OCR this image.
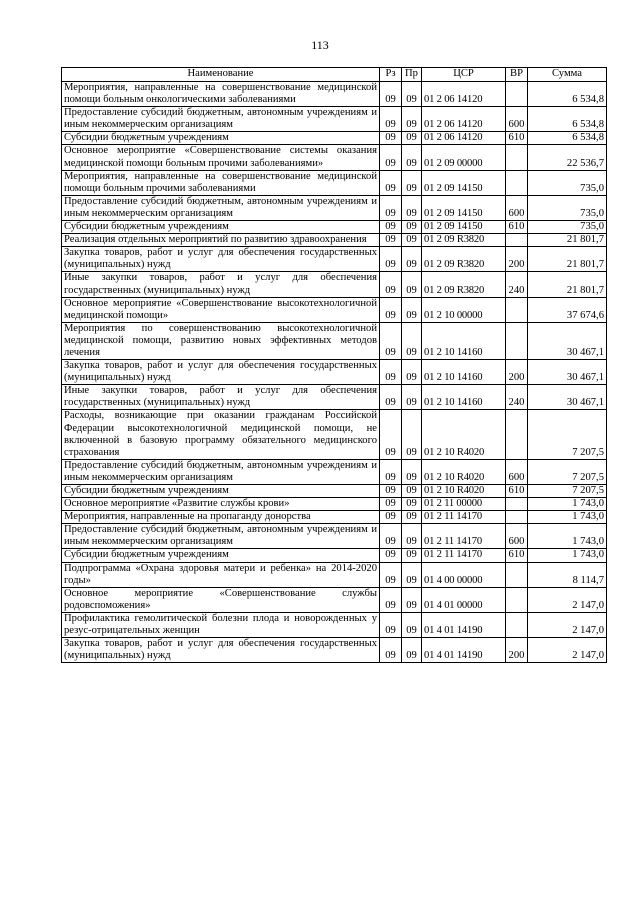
113
Наименование	Рз	Пр	ЦСР	ВР	Сумма
Мероприятия, направленные на совершенствование медицинской помощи больным онкологическими заболеваниями	09	09	01 2 06 14120		6 534,8
Предоставление субсидий бюджетным, автономным учреждениям и иным некоммерческим организациям	09	09	01 2 06 14120	600	6 534,8
Субсидии бюджетным учреждениям	09	09	01 2 06 14120	610	6 534,8
Основное мероприятие «Совершенствование системы оказания медицинской помощи больным прочими заболеваниями»	09	09	01 2 09 00000		22 536,7
Мероприятия, направленные на совершенствование медицинской помощи больным прочими заболеваниями	09	09	01 2 09 14150		735,0
Предоставление субсидий бюджетным, автономным учреждениям и иным некоммерческим организациям	09	09	01 2 09 14150	600	735,0
Субсидии бюджетным учреждениям	09	09	01 2 09 14150	610	735,0
Реализация отдельных мероприятий по развитию здравоохранения	09	09	01 2 09 R3820		21 801,7
Закупка товаров, работ и услуг для обеспечения государственных (муниципальных) нужд	09	09	01 2 09 R3820	200	21 801,7
Иные закупки товаров, работ и услуг для обеспечения государственных (муниципальных) нужд	09	09	01 2 09 R3820	240	21 801,7
Основное мероприятие «Совершенствование высокотехнологичной медицинской помощи»	09	09	01 2 10 00000		37 674,6
Мероприятия по совершенствованию высокотехнологичной медицинской помощи, развитию новых эффективных методов лечения	09	09	01 2 10 14160		30 467,1
Закупка товаров, работ и услуг для обеспечения государственных (муниципальных) нужд	09	09	01 2 10 14160	200	30 467,1
Иные закупки товаров, работ и услуг для обеспечения государственных (муниципальных) нужд	09	09	01 2 10 14160	240	30 467,1
Расходы, возникающие при оказании гражданам Российской Федерации высокотехнологичной медицинской помощи, не включенной в базовую программу обязательного медицинского страхования	09	09	01 2 10 R4020		7 207,5
Предоставление субсидий бюджетным, автономным учреждениям и иным некоммерческим организациям	09	09	01 2 10 R4020	600	7 207,5
Субсидии бюджетным учреждениям	09	09	01 2 10 R4020	610	7 207,5
Основное мероприятие «Развитие службы крови»	09	09	01 2 11 00000		1 743,0
Мероприятия, направленные на пропаганду донорства	09	09	01 2 11 14170		1 743,0
Предоставление субсидий бюджетным, автономным учреждениям и иным некоммерческим организациям	09	09	01 2 11 14170	600	1 743,0
Субсидии бюджетным учреждениям	09	09	01 2 11 14170	610	1 743,0
Подпрограмма «Охрана здоровья матери и ребенка» на 2014-2020 годы»	09	09	01 4 00 00000		8 114,7
Основное мероприятие «Совершенствование службы родовспоможения»	09	09	01 4 01 00000		2 147,0
Профилактика гемолитической болезни плода и новорожденных у резус-отрицательных женщин	09	09	01 4 01 14190		2 147,0
Закупка товаров, работ и услуг для обеспечения государственных (муниципальных) нужд	09	09	01 4 01 14190	200	2 147,0
